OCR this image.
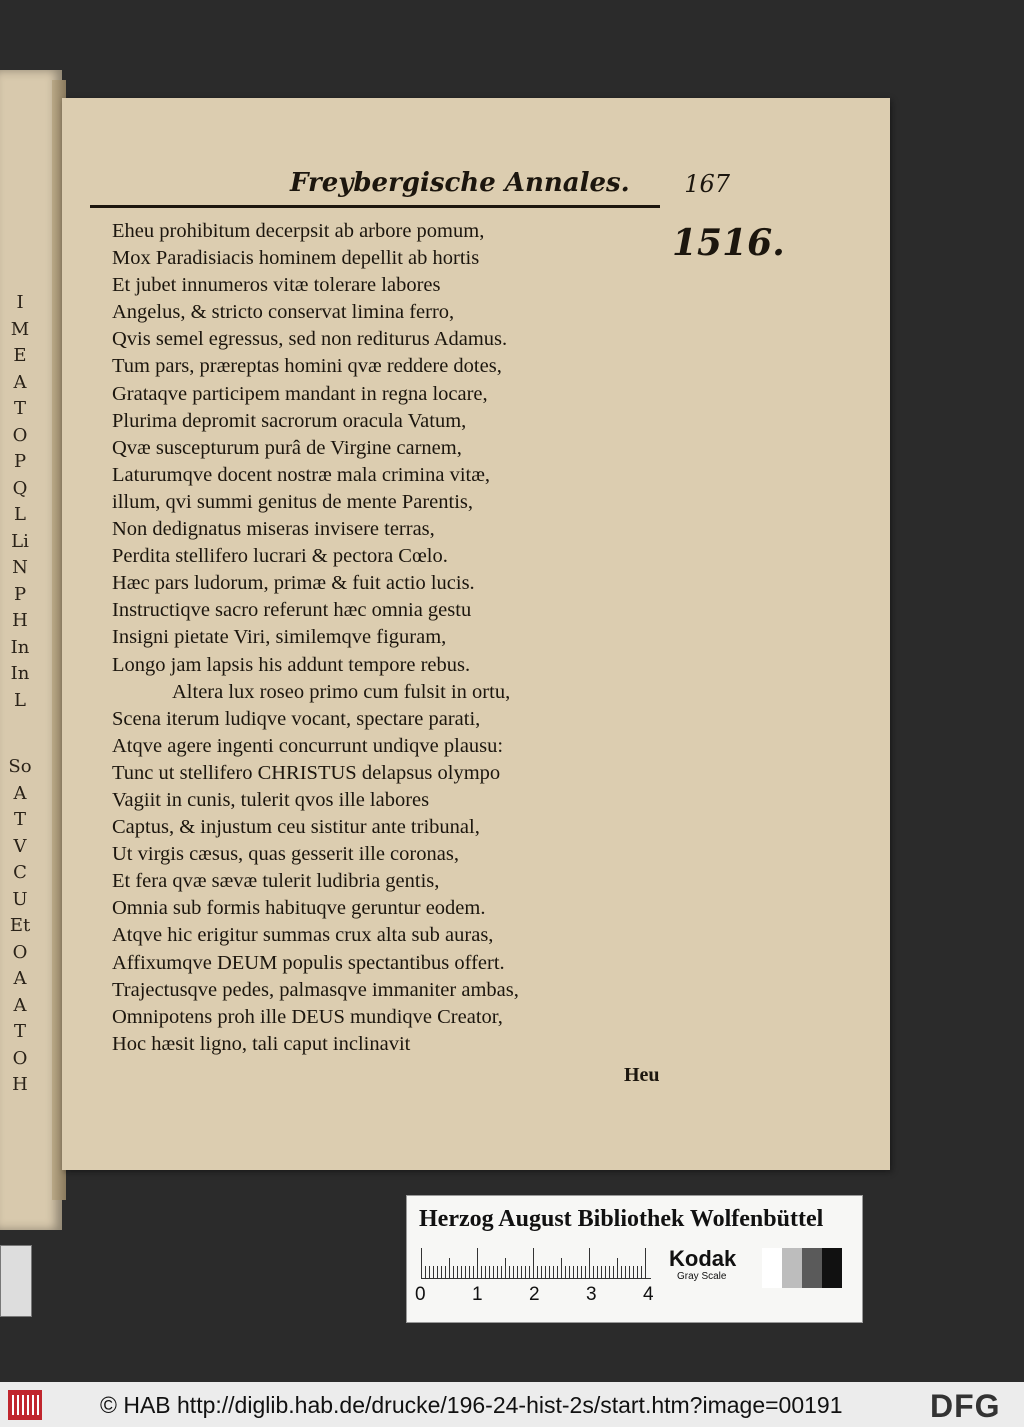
I
M
E
A
T
O
P
Q
L
Li
N
P
H
In
In
L
So
A
T
V
C
U
Et
O
A
A
T
O
H
Freybergische Annales. 167
1516.
Eheu prohibitum decerpsit ab arbore pomum,
Mox Paradisiacis hominem depellit ab hortis
Et jubet innumeros vitæ tolerare labores
Angelus, & stricto conservat limina ferro,
Qvis semel egressus, sed non rediturus Adamus.
Tum pars, præreptas homini qvæ reddere dotes,
Grataqve participem mandant in regna locare,
Plurima depromit sacrorum oracula Vatum,
Qvæ suscepturum purâ de Virgine carnem,
Laturumqve docent nostræ mala crimina vitæ,
illum, qvi summi genitus de mente Parentis,
Non dedignatus miseras invisere terras,
Perdita stellifero lucrari & pectora Cœlo.
Hæc pars ludorum, primæ & fuit actio lucis.
Instructiqve sacro referunt hæc omnia gestu
Insigni pietate Viri, similemqve figuram,
Longo jam lapsis his addunt tempore rebus.
Altera lux roseo primo cum fulsit in ortu,
Scena iterum ludiqve vocant, spectare parati,
Atqve agere ingenti concurrunt undiqve plausu:
Tunc ut stellifero CHRISTUS delapsus olympo
Vagiit in cunis, tulerit qvos ille labores
Captus, & injustum ceu sistitur ante tribunal,
Ut virgis cæsus, quas gesserit ille coronas,
Et fera qvæ sævæ tulerit ludibria gentis,
Omnia sub formis habituqve geruntur eodem.
Atqve hic erigitur summas crux alta sub auras,
Affixumqve DEUM populis spectantibus offert.
Trajectusqve pedes, palmasqve immaniter ambas,
Omnipotens proh ille DEUS mundiqve Creator,
Hoc hæsit ligno, tali caput inclinavit
Heu
Herzog August Bibliothek Wolfenbüttel
0 1 2 3 4
Kodak
Gray Scale
© HAB http://diglib.hab.de/drucke/196-24-hist-2s/start.htm?image=00191	DFG
